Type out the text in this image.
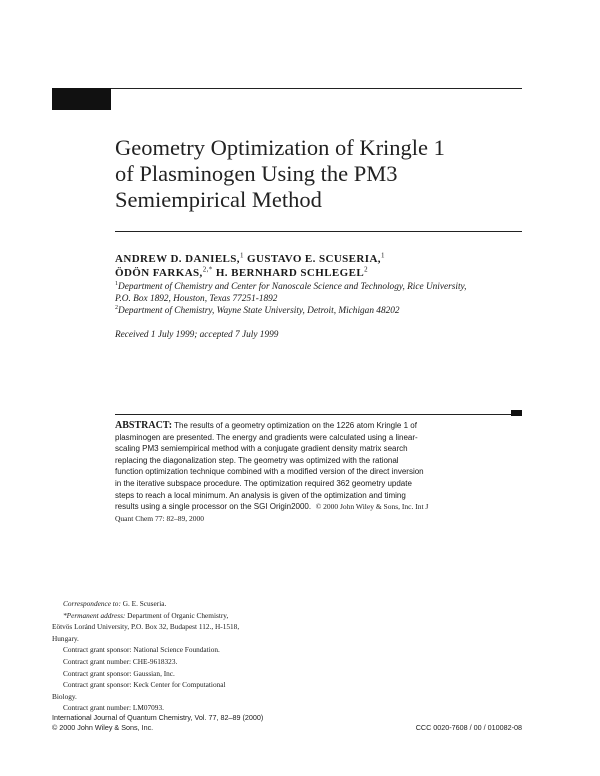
Geometry Optimization of Kringle 1
of Plasminogen Using the PM3
Semiempirical Method
ANDREW D. DANIELS,$^1$ GUSTAVO E. SCUSERIA,$^1$
ÖDÖN FARKAS,$^{2,*}$ H. BERNHARD SCHLEGEL$^2$
$^1$Department of Chemistry and Center for Nanoscale Science and Technology, Rice University,
P.O. Box 1892, Houston, Texas 77251-1892
$^2$Department of Chemistry, Wayne State University, Detroit, Michigan 48202
Received 1 July 1999; accepted 7 July 1999
ABSTRACT: The results of a geometry optimization on the 1226 atom Kringle 1 of
plasminogen are presented. The energy and gradients were calculated using a linear-
scaling PM3 semiempirical method with a conjugate gradient density matrix search
replacing the diagonalization step. The geometry was optimized with the rational
function optimization technique combined with a modified version of the direct inversion
in the iterative subspace procedure. The optimization required 362 geometry update
steps to reach a local minimum. An analysis is given of the optimization and timing
results using a single processor on the SGI Origin2000. © 2000 John Wiley & Sons, Inc. Int J
Quant Chem 77: 82–89, 2000
Correspondence to: G. E. Scuseria.
*Permanent address: Department of Organic Chemistry,
Eötvös Loránd University, P.O. Box 32, Budapest 112., H-1518,
Hungary.
Contract grant sponsor: National Science Foundation.
Contract grant number: CHE-9618323.
Contract grant sponsor: Gaussian, Inc.
Contract grant sponsor: Keck Center for Computational
Biology.
Contract grant number: LM07093.
International Journal of Quantum Chemistry, Vol. 77, 82–89 (2000)
© 2000 John Wiley & Sons, Inc.	CCC 0020-7608 / 00 / 010082-08
